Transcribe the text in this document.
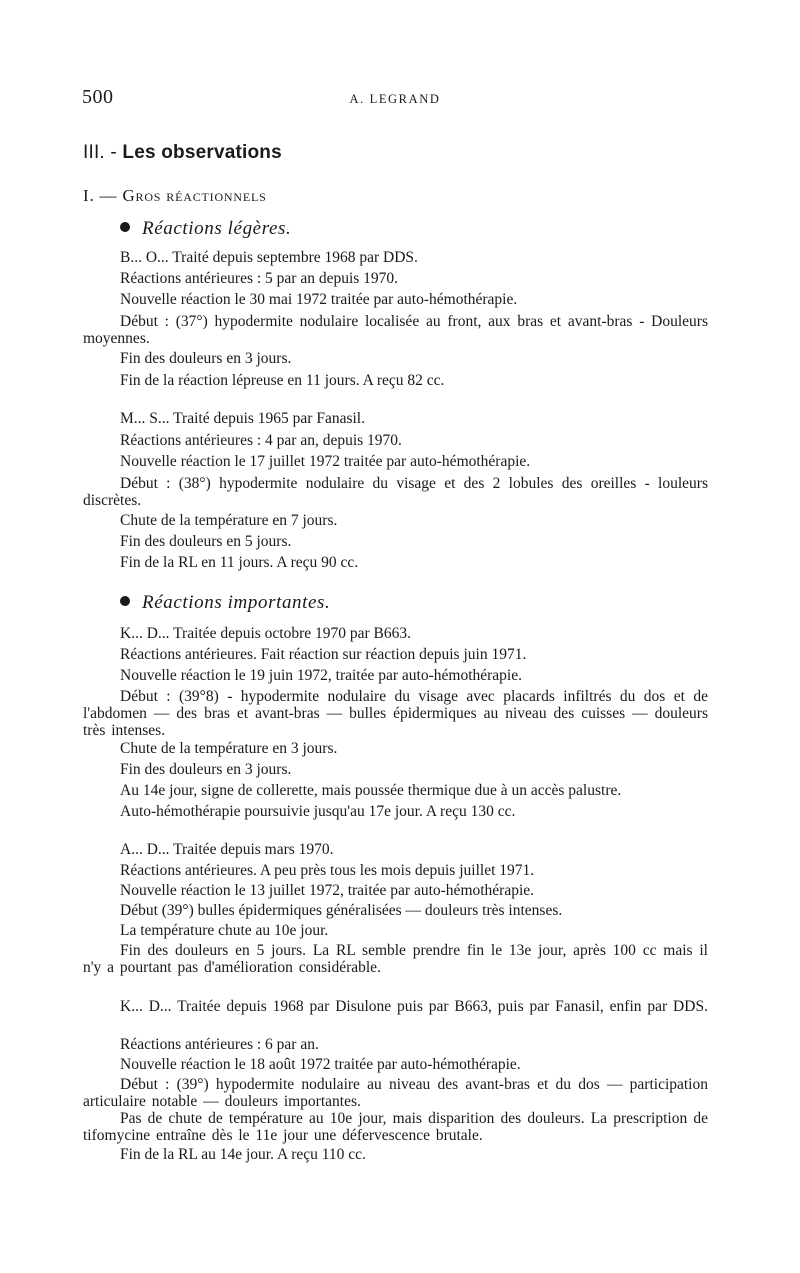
500	A. LEGRAND
III. - Les observations
I. — Gros réactionnels
Réactions légères.
B... O... Traité depuis septembre 1968 par DDS.
Réactions antérieures : 5 par an depuis 1970.
Nouvelle réaction le 30 mai 1972 traitée par auto-hémothérapie.
Début : (37°) hypodermite nodulaire localisée au front, aux bras et avant-bras - Douleurs moyennes.
Fin des douleurs en 3 jours.
Fin de la réaction lépreuse en 11 jours. A reçu 82 cc.
M... S... Traité depuis 1965 par Fanasil.
Réactions antérieures : 4 par an, depuis 1970.
Nouvelle réaction le 17 juillet 1972 traitée par auto-hémothérapie.
Début : (38°) hypodermite nodulaire du visage et des 2 lobules des oreilles - louleurs discrètes.
Chute de la température en 7 jours.
Fin des douleurs en 5 jours.
Fin de la RL en 11 jours. A reçu 90 cc.
Réactions importantes.
K... D... Traitée depuis octobre 1970 par B663.
Réactions antérieures. Fait réaction sur réaction depuis juin 1971.
Nouvelle réaction le 19 juin 1972, traitée par auto-hémothérapie.
Début : (39°8) - hypodermite nodulaire du visage avec placards infiltrés du dos et de l'abdomen — des bras et avant-bras — bulles épidermiques au niveau des cuisses — douleurs très intenses.
Chute de la température en 3 jours.
Fin des douleurs en 3 jours.
Au 14e jour, signe de collerette, mais poussée thermique due à un accès palustre.
Auto-hémothérapie poursuivie jusqu'au 17e jour. A reçu 130 cc.
A... D... Traitée depuis mars 1970.
Réactions antérieures. A peu près tous les mois depuis juillet 1971.
Nouvelle réaction le 13 juillet 1972, traitée par auto-hémothérapie.
Début (39°) bulles épidermiques généralisées — douleurs très intenses.
La température chute au 10e jour.
Fin des douleurs en 5 jours. La RL semble prendre fin le 13e jour, après 100 cc mais il n'y a pourtant pas d'amélioration considérable.
K... D... Traitée depuis 1968 par Disulone puis par B663, puis par Fanasil, enfin par DDS.
Réactions antérieures : 6 par an.
Nouvelle réaction le 18 août 1972 traitée par auto-hémothérapie.
Début : (39°) hypodermite nodulaire au niveau des avant-bras et du dos — participation articulaire notable — douleurs importantes.
Pas de chute de température au 10e jour, mais disparition des douleurs. La prescription de tifomycine entraîne dès le 11e jour une défervescence brutale.
Fin de la RL au 14e jour. A reçu 110 cc.
